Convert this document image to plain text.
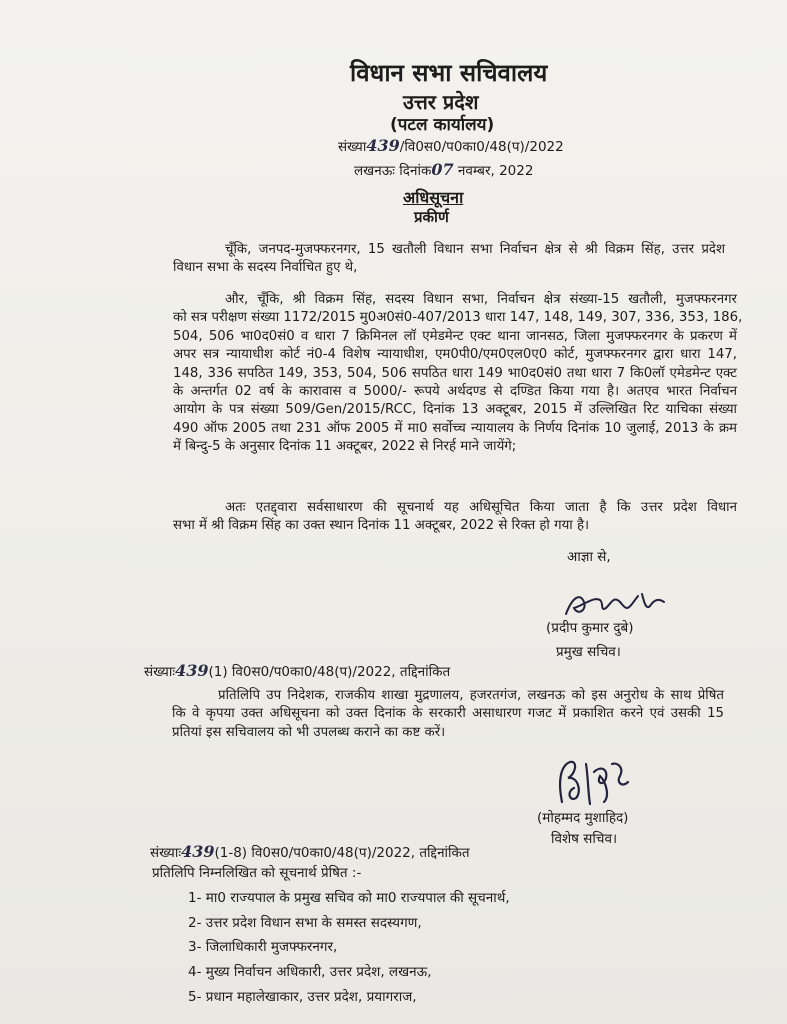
विधान सभा सचिवालय
उत्तर प्रदेश
(पटल कार्यालय)
संख्या439/वि0स0/प0का0/48(प)/2022
लखनऊः दिनांक07 नवम्बर, 2022
अधिसूचना
प्रकीर्ण
चूँकि, जनपद-मुजफ्फरनगर, 15 खतौली विधान सभा निर्वाचन क्षेत्र से श्री विक्रम सिंह, उत्तर प्रदेश
विधान सभा के सदस्य निर्वाचित हुए थे,
और, चूँकि, श्री विक्रम सिंह, सदस्य विधान सभा, निर्वाचन क्षेत्र संख्या-15 खतौली, मुजफ्फरनगर
को सत्र परीक्षण संख्या 1172/2015 मु0अ0सं0-407/2013 धारा 147, 148, 149, 307, 336, 353, 186,
504, 506 भा0द0सं0 व धारा 7 क्रिमिनल लॉ एमेडमेन्ट एक्ट थाना जानसठ, जिला मुजफ्फरनगर के प्रकरण में
अपर सत्र न्यायाधीश कोर्ट नं0-4 विशेष न्यायाधीश, एम0पी0/एम0एल0ए0 कोर्ट, मुजफ्फरनगर द्वारा धारा 147,
148, 336 सपठित 149, 353, 504, 506 सपठित धारा 149 भा0द0सं0 तथा धारा 7 कि0लॉ एमेडमेन्ट एक्ट
के अन्तर्गत 02 वर्ष के कारावास व 5000/- रूपये अर्थदण्ड से दण्डित किया गया है। अतएव भारत निर्वाचन
आयोग के पत्र संख्या 509/Gen/2015/RCC, दिनांक 13 अक्टूबर, 2015 में उल्लिखित रिट याचिका संख्या
490 ऑफ 2005 तथा 231 ऑफ 2005 में मा0 सर्वोच्च न्यायालय के निर्णय दिनांक 10 जुलाई, 2013 के क्रम
में बिन्दु-5 के अनुसार दिनांक 11 अक्टूबर, 2022 से निरर्ह माने जायेंगे;
अतः एतद्द्वारा सर्वसाधारण की सूचनार्थ यह अधिसूचित किया जाता है कि उत्तर प्रदेश विधान
सभा में श्री विक्रम सिंह का उक्त स्थान दिनांक 11 अक्टूबर, 2022 से रिक्त हो गया है।
आज्ञा से,
(प्रदीप कुमार दुबे)
प्रमुख सचिव।
संख्याः439(1) वि0स0/प0का0/48(प)/2022, तद्दिनांकित
प्रतिलिपि उप निदेशक, राजकीय शाखा मुद्रणालय, हजरतगंज, लखनऊ को इस अनुरोध के साथ प्रेषित
कि वे कृपया उक्त अधिसूचना को उक्त दिनांक के सरकारी असाधारण गजट में प्रकाशित करने एवं उसकी 15
प्रतियां इस सचिवालय को भी उपलब्ध कराने का कष्ट करें।
(मोहम्मद मुशाहिद)
विशेष सचिव।
संख्याः439(1-8) वि0स0/प0का0/48(प)/2022, तद्दिनांकित
प्रतिलिपि निम्नलिखित को सूचनार्थ प्रेषित :-
1- मा0 राज्यपाल के प्रमुख सचिव को मा0 राज्यपाल की सूचनार्थ,
2- उत्तर प्रदेश विधान सभा के समस्त सदस्यगण,
3- जिलाधिकारी मुजफ्फरनगर,
4- मुख्य निर्वाचन अधिकारी, उत्तर प्रदेश, लखनऊ,
5- प्रधान महालेखाकार, उत्तर प्रदेश, प्रयागराज,
